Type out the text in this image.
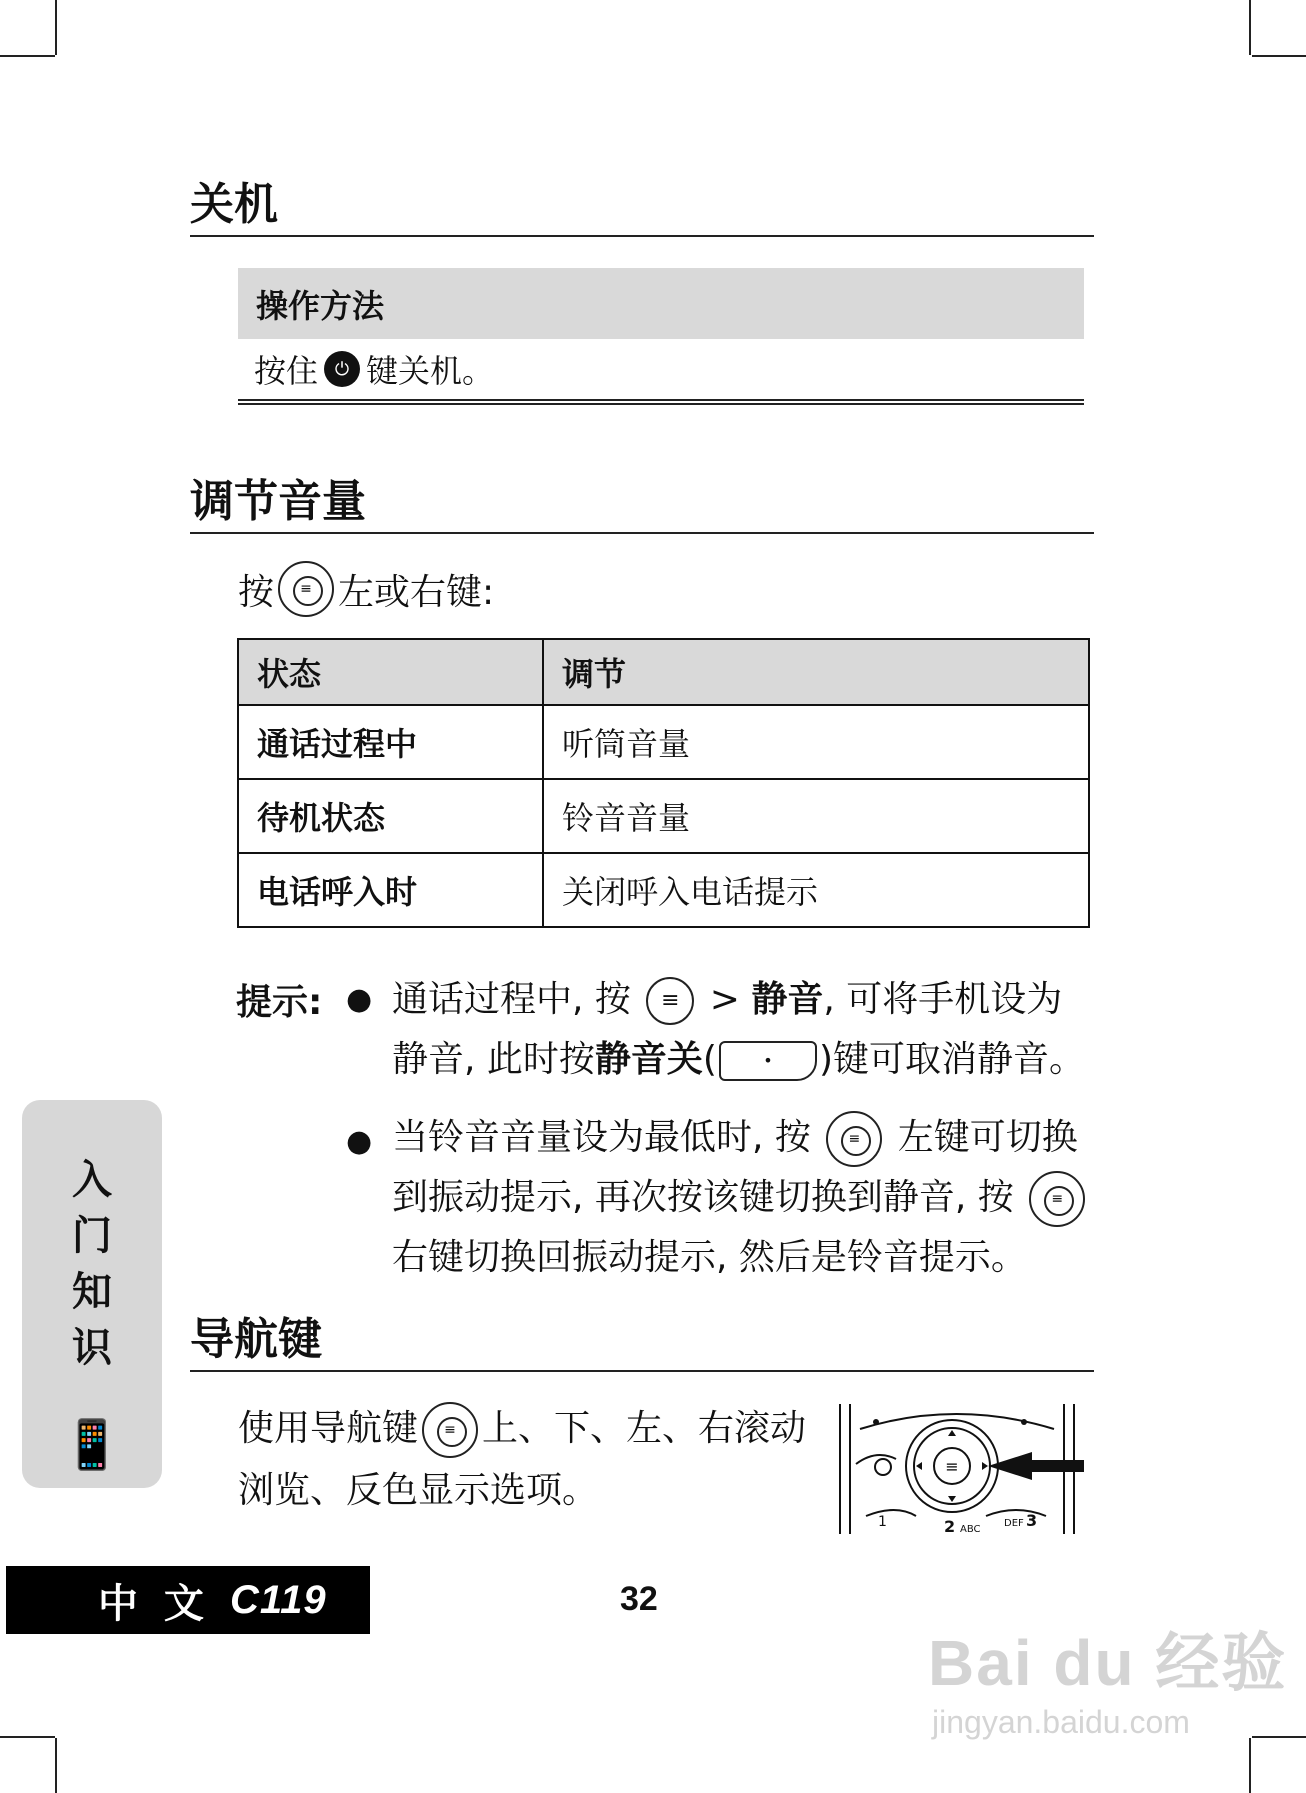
关机
操作方法
按住 ⏻ 键关机。
调节音量
按 ≡ 左或右键:
状态	调节
通话过程中	听筒音量
待机状态	铃音音量
电话呼入时	关闭呼入电话提示
提示: ● 通话过程中, 按 ≡ > 静音, 可将手机设为静音, 此时按静音关(	• )键可取消静音。
● 当铃音音量设为最低时, 按	≡ 左键可切换到振动提示, 再次按该键切换到静音, 按	≡
右键切换回振动提示, 然后是铃音提示。
导航键
使用导航键 ≡ 上、下、左、右滚动浏览、反色显示选项。
≡
1	2 ABC
DEF 3
入
门
知
识
📱
中 文 C119	32
Bai du 经验
jingyan.baidu.com
